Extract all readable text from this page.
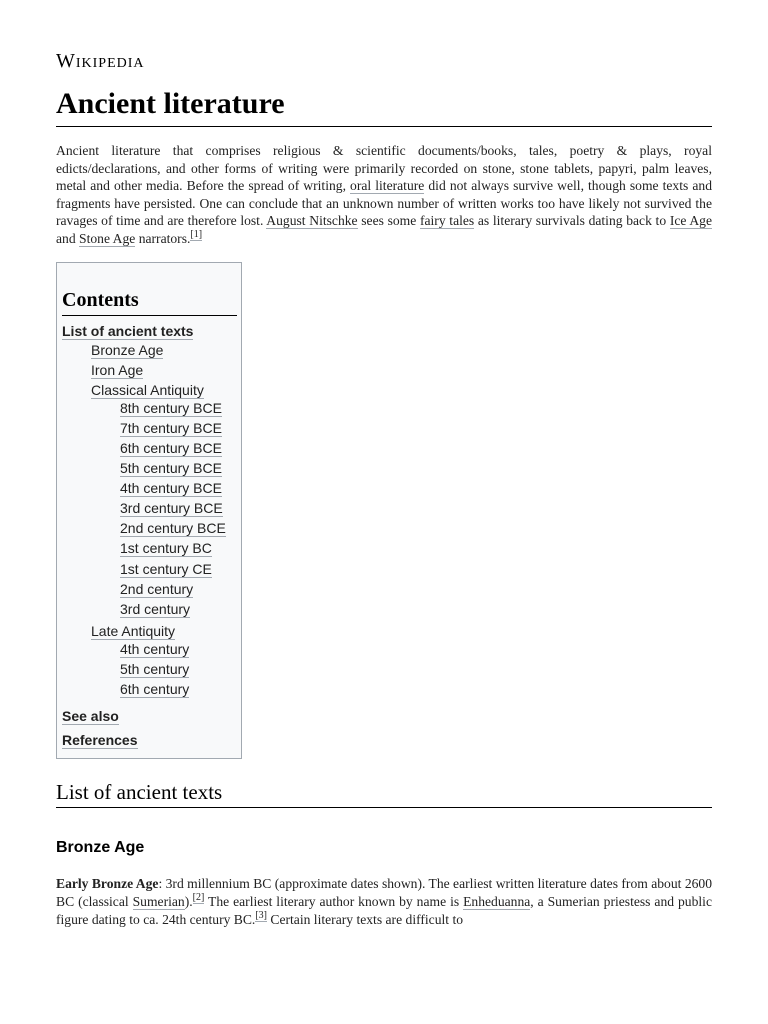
Wikipedia
Ancient literature

Ancient literature that comprises religious & scientific documents/books, tales, poetry & plays, royal edicts/declarations, and other forms of writing were primarily recorded on stone, stone tablets, papyri, palm leaves, metal and other media. Before the spread of writing, oral literature did not always survive well, though some texts and fragments have persisted. One can conclude that an unknown number of written works too have likely not survived the ravages of time and are therefore lost. August Nitschke sees some fairy tales as literary survivals dating back to Ice Age and Stone Age narrators.[1]

Contents
List of ancient texts
Bronze Age
Iron Age
Classical Antiquity
8th century BCE
7th century BCE
6th century BCE
5th century BCE
4th century BCE
3rd century BCE
2nd century BCE
1st century BC
1st century CE
2nd century
3rd century
Late Antiquity
4th century
5th century
6th century
See also
References
List of ancient texts
Bronze Age

Early Bronze Age: 3rd millennium BC (approximate dates shown). The earliest written literature dates from about 2600 BC (classical Sumerian).[2] The earliest literary author known by name is Enheduanna, a Sumerian priestess and public figure dating to ca. 24th century BC.[3] Certain literary texts are difficult to
